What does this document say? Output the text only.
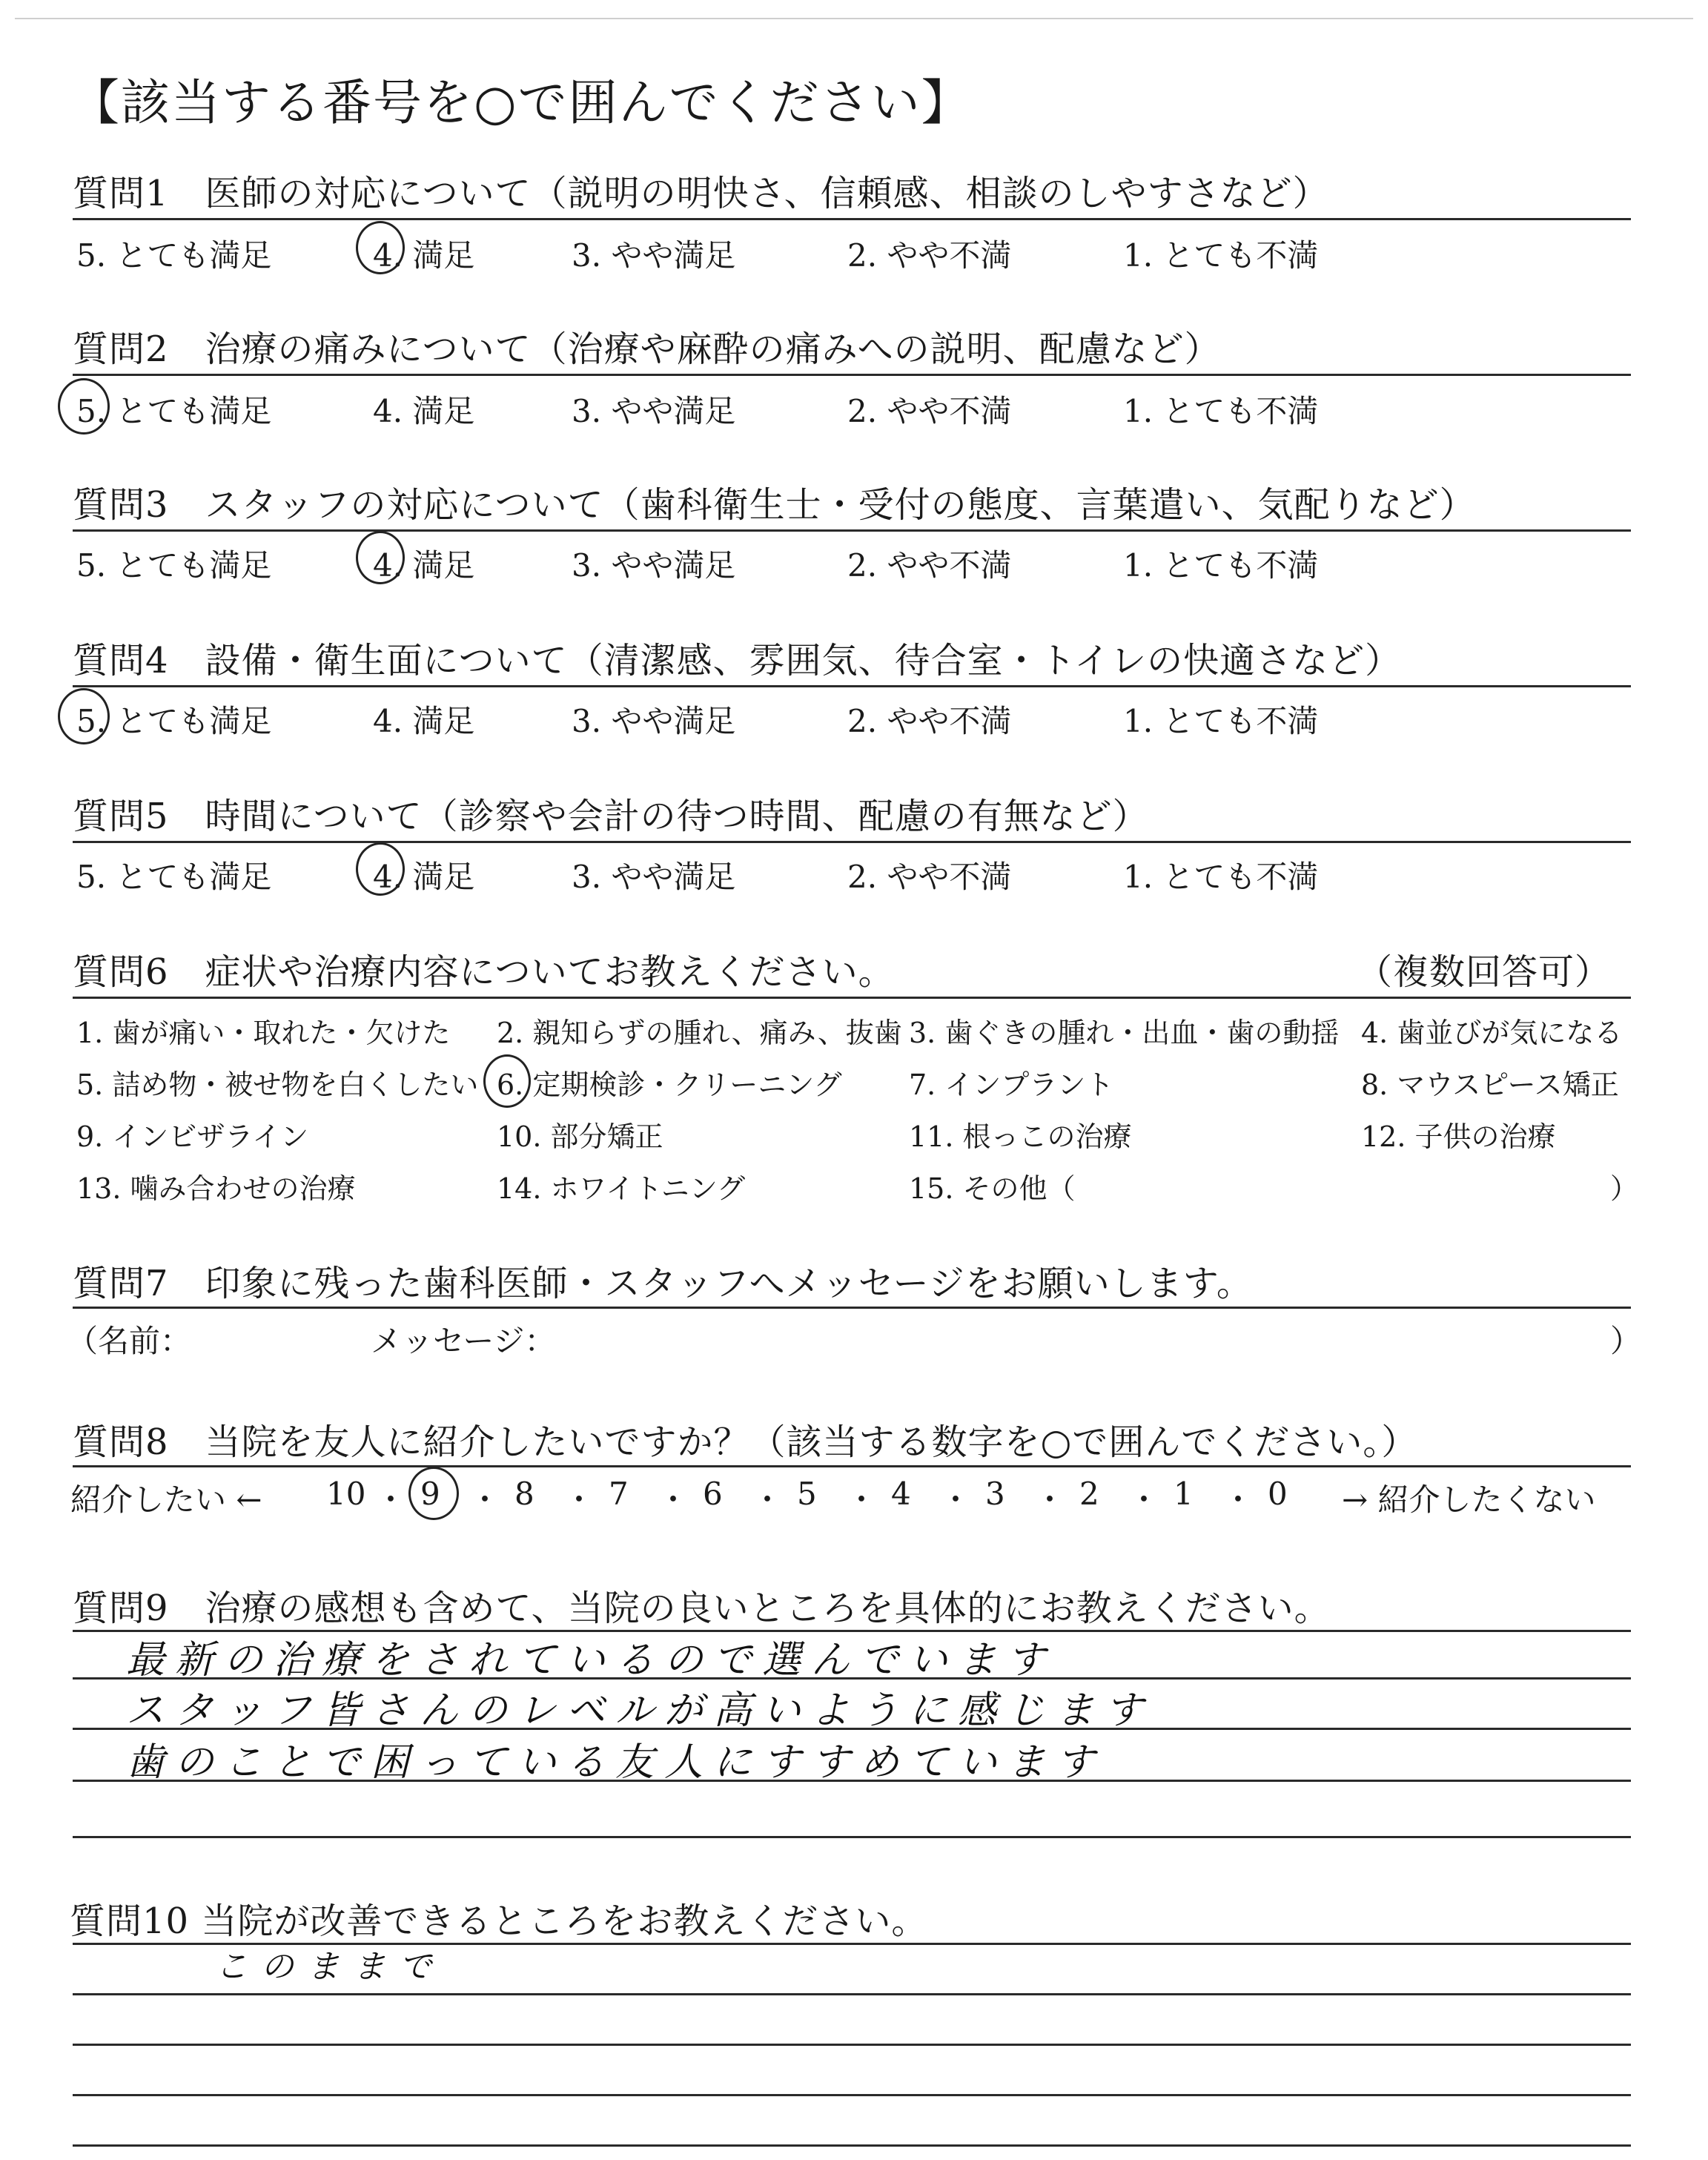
【該当する番号を○で囲んでください】
質問1　医師の対応について（説明の明快さ、信頼感、相談のしやすさなど）
5. とても満足	4. 満足	3. やや満足	2. やや不満	1. とても不満
質問2　治療の痛みについて（治療や麻酔の痛みへの説明、配慮など）
5. とても満足	4. 満足	3. やや満足	2. やや不満	1. とても不満
質問3　スタッフの対応について（歯科衛生士・受付の態度、言葉遣い、気配りなど）
5. とても満足	4. 満足	3. やや満足	2. やや不満	1. とても不満
質問4　設備・衛生面について（清潔感、雰囲気、待合室・トイレの快適さなど）
5. とても満足	4. 満足	3. やや満足	2. やや不満	1. とても不満
質問5　時間について（診察や会計の待つ時間、配慮の有無など）
5. とても満足	4. 満足	3. やや満足	2. やや不満	1. とても不満
質問6　症状や治療内容についてお教えください。	（複数回答可）
1. 歯が痛い・取れた・欠けた 2. 親知らずの腫れ、痛み、抜歯 3. 歯ぐきの腫れ・出血・歯の動揺 4. 歯並びが気になる
5. 詰め物・被せ物を白くしたい 6. 定期検診・クリーニング 7. インプラント	8. マウスピース矯正
9. インビザライン	10. 部分矯正	11. 根っこの治療	12. 子供の治療
13. 噛み合わせの治療	14. ホワイトニング	15. その他（	）
質問7　印象に残った歯科医師・スタッフへメッセージをお願いします。
（名前：	メッセージ：	）
質問8　当院を友人に紹介したいですか？（該当する数字を○で囲んでください。）
紹介したい ← 10 ・ 9 ・ 8 ・ 7 ・ 6 ・ 5 ・ 4 ・ 3 ・ 2 ・ 1 ・ 0 → 紹介したくない
質問9　治療の感想も含めて、当院の良いところを具体的にお教えください。
最新の治療をされているので選んでいます
スタッフ皆さんのレベルが高いように感じます
歯のことで困っている友人にすすめています
質問10 当院が改善できるところをお教えください。
このままで
